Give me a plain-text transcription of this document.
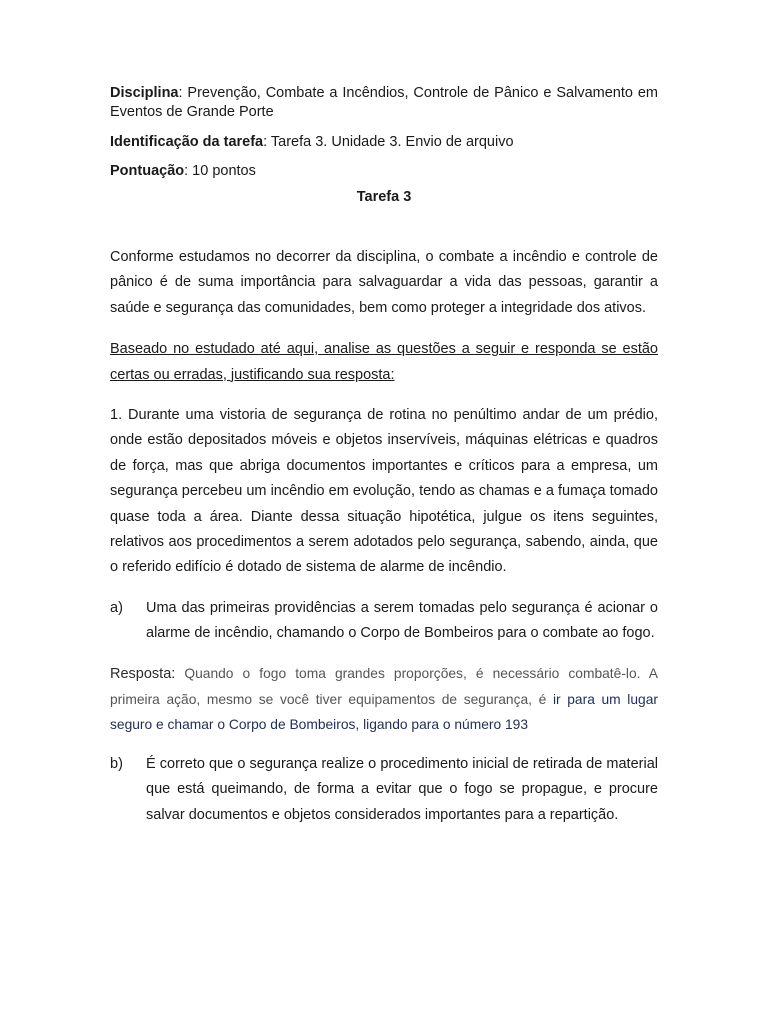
Disciplina: Prevenção, Combate a Incêndios, Controle de Pânico e Salvamento em Eventos de Grande Porte

Identificação da tarefa: Tarefa 3. Unidade 3. Envio de arquivo

Pontuação: 10 pontos

Tarefa 3

Conforme estudamos no decorrer da disciplina, o combate a incêndio e controle de pânico é de suma importância para salvaguardar a vida das pessoas, garantir a saúde e segurança das comunidades, bem como proteger a integridade dos ativos.

Baseado no estudado até aqui, analise as questões a seguir e responda se estão certas ou erradas, justificando sua resposta:

1. Durante uma vistoria de segurança de rotina no penúltimo andar de um prédio, onde estão depositados móveis e objetos inservíveis, máquinas elétricas e quadros de força, mas que abriga documentos importantes e críticos para a empresa, um segurança percebeu um incêndio em evolução, tendo as chamas e a fumaça tomado quase toda a área. Diante dessa situação hipotética, julgue os itens seguintes, relativos aos procedimentos a serem adotados pelo segurança, sabendo, ainda, que o referido edifício é dotado de sistema de alarme de incêndio.

a)	Uma das primeiras providências a serem tomadas pelo segurança é acionar o alarme de incêndio, chamando o Corpo de Bombeiros para o combate ao fogo.

Resposta: Quando o fogo toma grandes proporções, é necessário combatê-lo. A primeira ação, mesmo se você tiver equipamentos de segurança, é ir para um lugar seguro e chamar o Corpo de Bombeiros, ligando para o número 193

b)	É correto que o segurança realize o procedimento inicial de retirada de material que está queimando, de forma a evitar que o fogo se propague, e procure salvar documentos e objetos considerados importantes para a repartição.
